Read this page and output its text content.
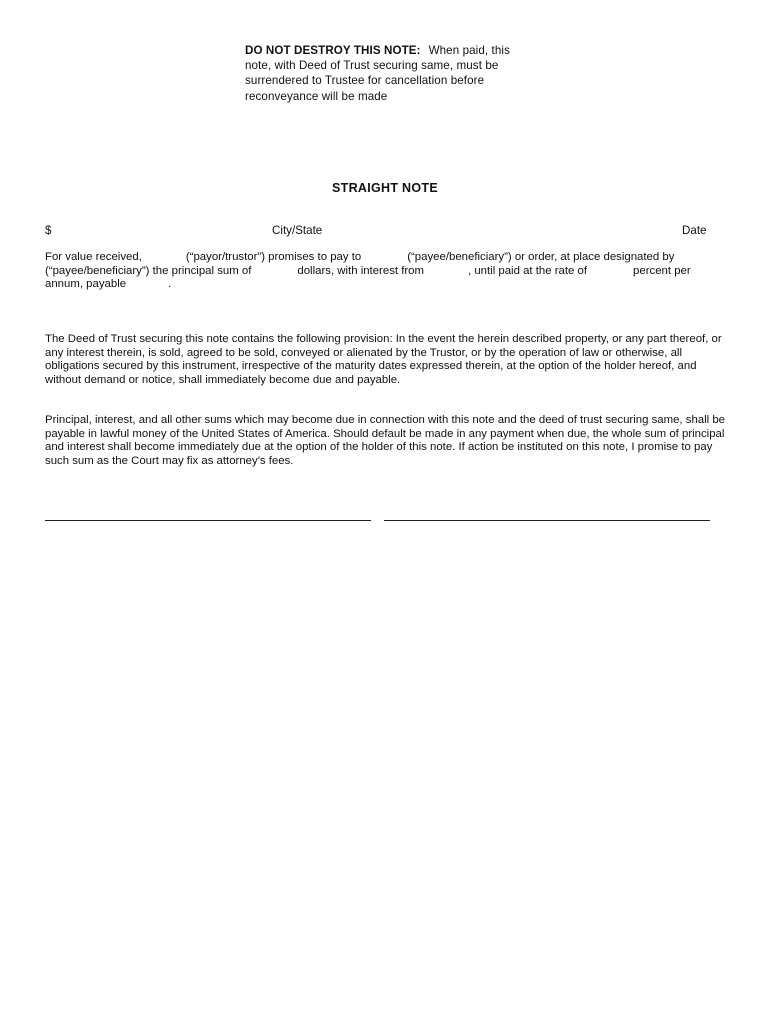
DO NOT DESTROY THIS NOTE: When paid, this note, with Deed of Trust securing same, must be surrendered to Trustee for cancellation before reconveyance will be made
STRAIGHT NOTE
$	City/State	Date
For value received,	(“payor/trustor”) promises to pay to	(“payee/beneficiary”) or order, at place designated by (“payee/beneficiary”) the principal sum of	dollars, with interest from	, until paid at the rate of	percent per annum, payable	.
The Deed of Trust securing this note contains the following provision: In the event the herein described property, or any part thereof, or any interest therein, is sold, agreed to be sold, conveyed or alienated by the Trustor, or by the operation of law or otherwise, all obligations secured by this instrument, irrespective of the maturity dates expressed therein, at the option of the holder hereof, and without demand or notice, shall immediately become due and payable.
Principal, interest, and all other sums which may become due in connection with this note and the deed of trust securing same, shall be payable in lawful money of the United States of America. Should default be made in any payment when due, the whole sum of principal and interest shall become immediately due at the option of the holder of this note. If action be instituted on this note, I promise to pay such sum as the Court may fix as attorney's fees.
